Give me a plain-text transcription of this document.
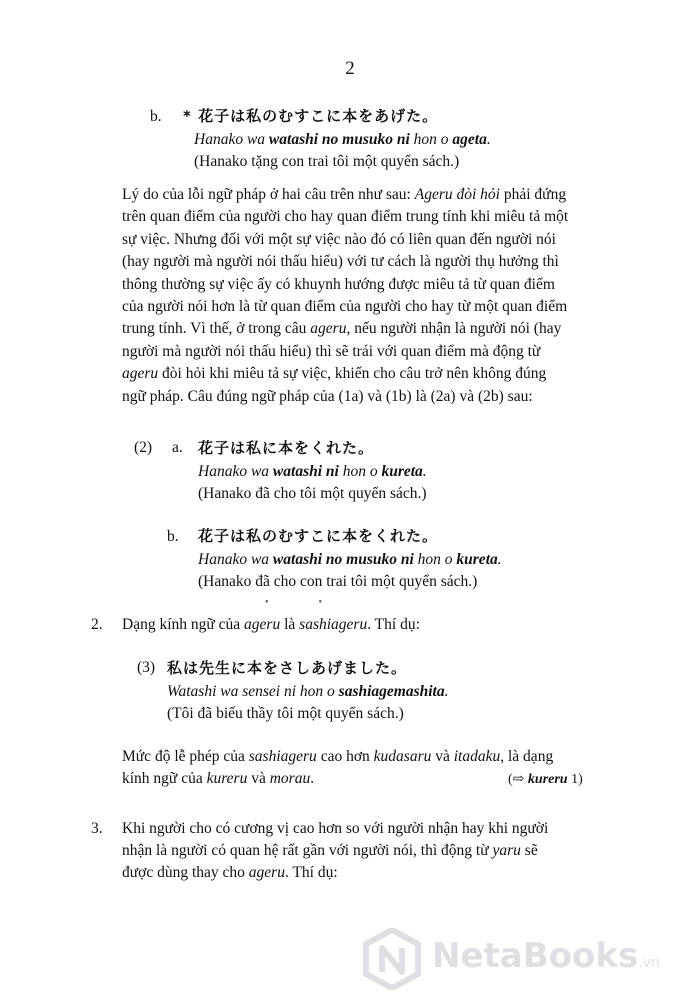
2
b. * 花子は私のむすこに本をあげた。
Hanako wa watashi no musuko ni hon o ageta.
(Hanako tặng con trai tôi một quyển sách.)
Lý do của lỗi ngữ pháp ở hai câu trên như sau: Ageru đòi hỏi phải đứng
trên quan điểm của người cho hay quan điểm trung tính khi miêu tả một
sự việc. Nhưng đối với một sự việc nào đó có liên quan đến người nói
(hay người mà người nói thấu hiểu) với tư cách là người thụ hưởng thì
thông thường sự việc ấy có khuynh hướng được miêu tả từ quan điểm
của người nói hơn là từ quan điểm của người cho hay từ một quan điểm
trung tính. Vì thế, ở trong câu ageru, nếu người nhận là người nói (hay
người mà người nói thấu hiểu) thì sẽ trái với quan điểm mà động từ
ageru đòi hỏi khi miêu tả sự việc, khiến cho câu trở nên không đúng
ngữ pháp. Câu đúng ngữ pháp của (1a) và (1b) là (2a) và (2b) sau:
(2) a. 花子は私に本をくれた。
Hanako wa watashi ni hon o kureta.
(Hanako đã cho tôi một quyển sách.)
b. 花子は私のむすこに本をくれた。
Hanako wa watashi no musuko ni hon o kureta.
(Hanako đã cho con trai tôi một quyển sách.)
•                    •
2. Dạng kính ngữ của ageru là sashiageru. Thí dụ:
(3) 私は先生に本をさしあげました。
Watashi wa sensei ni hon o sashiagemashita.
(Tôi đã biếu thầy tôi một quyển sách.)
Mức độ lễ phép của sashiageru cao hơn kudasaru và itadaku, là dạng
kính ngữ của kureru và morau.	(⇨ kureru 1)
3. Khi người cho có cương vị cao hơn so với người nhận hay khi người
nhận là người có quan hệ rất gần với người nói, thì động từ yaru sẽ
được dùng thay cho ageru. Thí dụ:
NetaBooks.vn
